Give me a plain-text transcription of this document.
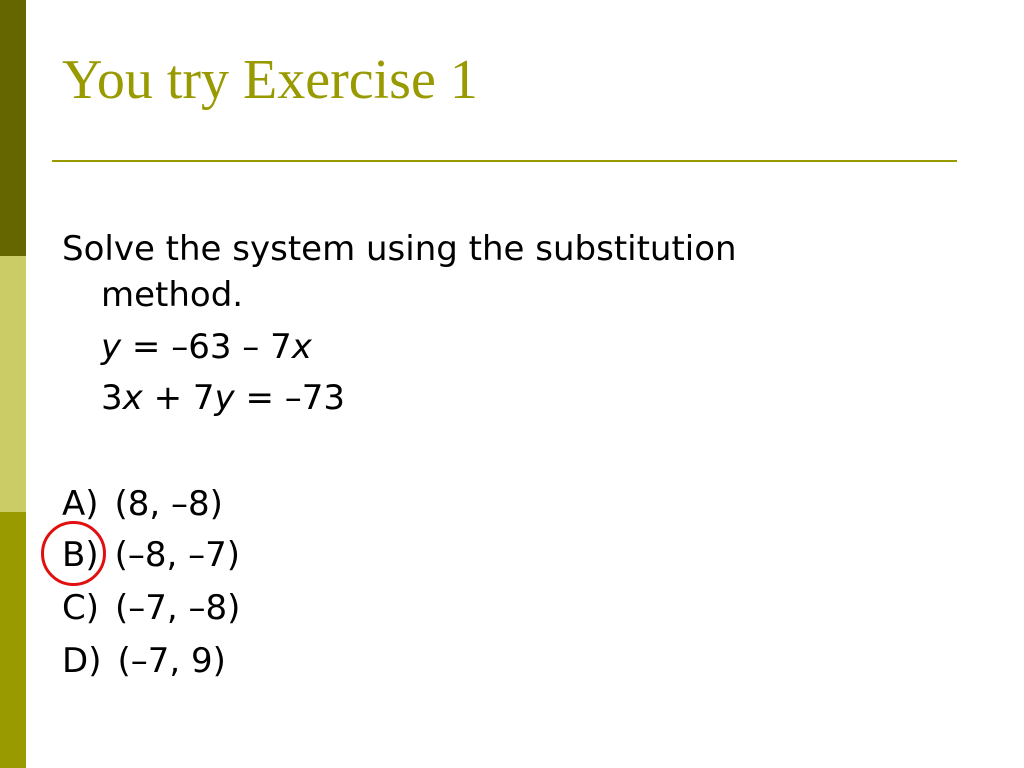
You try Exercise 1
Solve the system using the substitution
method.
y = –63 – 7x
3x + 7y = –73
A) (8, –8)
B) (–8, –7)
C) (–7, –8)
D) (–7, 9)
